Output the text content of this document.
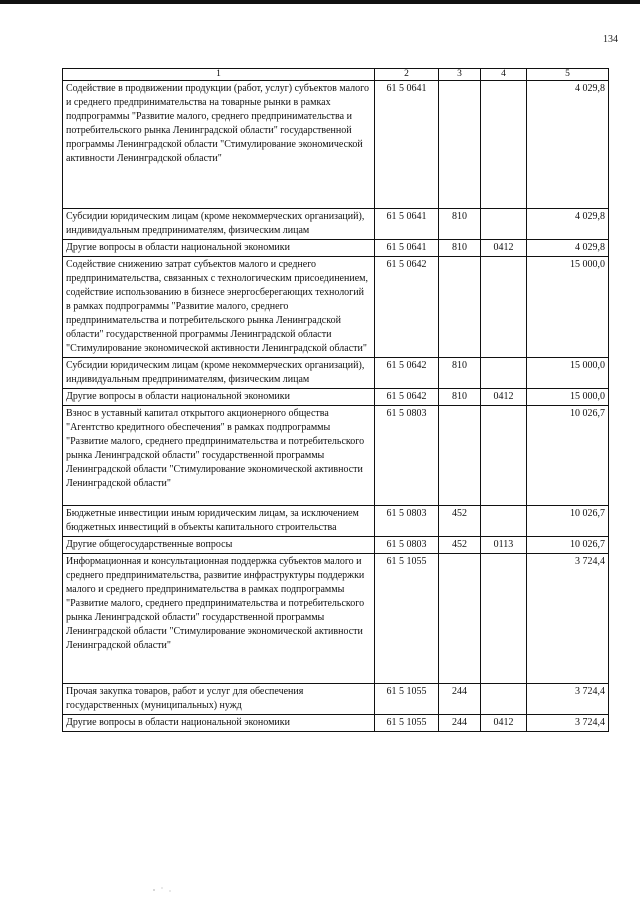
134
1	2	3	4	5
Содействие в продвижении продукции (работ, услуг) субъектов малого и среднего предпринимательства на товарные рынки в рамках подпрограммы "Развитие малого, среднего предпринимательства и потребительского рынка Ленинградской области" государственной программы Ленинградской области "Стимулирование экономической активности Ленинградской области"	61 5 0641			4 029,8
Субсидии юридическим лицам (кроме некоммерческих организаций), индивидуальным предпринимателям, физическим лицам	61 5 0641	810		4 029,8
Другие вопросы в области национальной экономики	61 5 0641	810	0412	4 029,8
Содействие снижению затрат субъектов малого и среднего предпринимательства, связанных с технологическим присоединением, содействие использованию в бизнесе энергосберегающих технологий в рамках подпрограммы "Развитие малого, среднего предпринимательства и потребительского рынка Ленинградской области" государственной программы Ленинградской области "Стимулирование экономической активности Ленинградской области"	61 5 0642			15 000,0
Субсидии юридическим лицам (кроме некоммерческих организаций), индивидуальным предпринимателям, физическим лицам	61 5 0642	810		15 000,0
Другие вопросы в области национальной экономики	61 5 0642	810	0412	15 000,0
Взнос в уставный капитал открытого акционерного общества "Агентство кредитного обеспечения" в рамках подпрограммы "Развитие малого, среднего предпринимательства и потребительского рынка Ленинградской области" государственной программы Ленинградской области "Стимулирование экономической активности Ленинградской области"	61 5 0803			10 026,7
Бюджетные инвестиции иным юридическим лицам, за исключением бюджетных инвестиций в объекты капитального строительства	61 5 0803	452		10 026,7
Другие общегосударственные вопросы	61 5 0803	452	0113	10 026,7
Информационная и консультационная поддержка субъектов малого и среднего предпринимательства, развитие инфраструктуры поддержки малого и среднего предпринимательства в рамках подпрограммы "Развитие малого, среднего предпринимательства и потребительского рынка Ленинградской области" государственной программы Ленинградской области "Стимулирование экономической активности Ленинградской области"	61 5 1055			3 724,4
Прочая закупка товаров, работ и услуг для обеспечения государственных (муниципальных) нужд	61 5 1055	244		3 724,4
Другие вопросы в области национальной экономики	61 5 1055	244	0412	3 724,4
